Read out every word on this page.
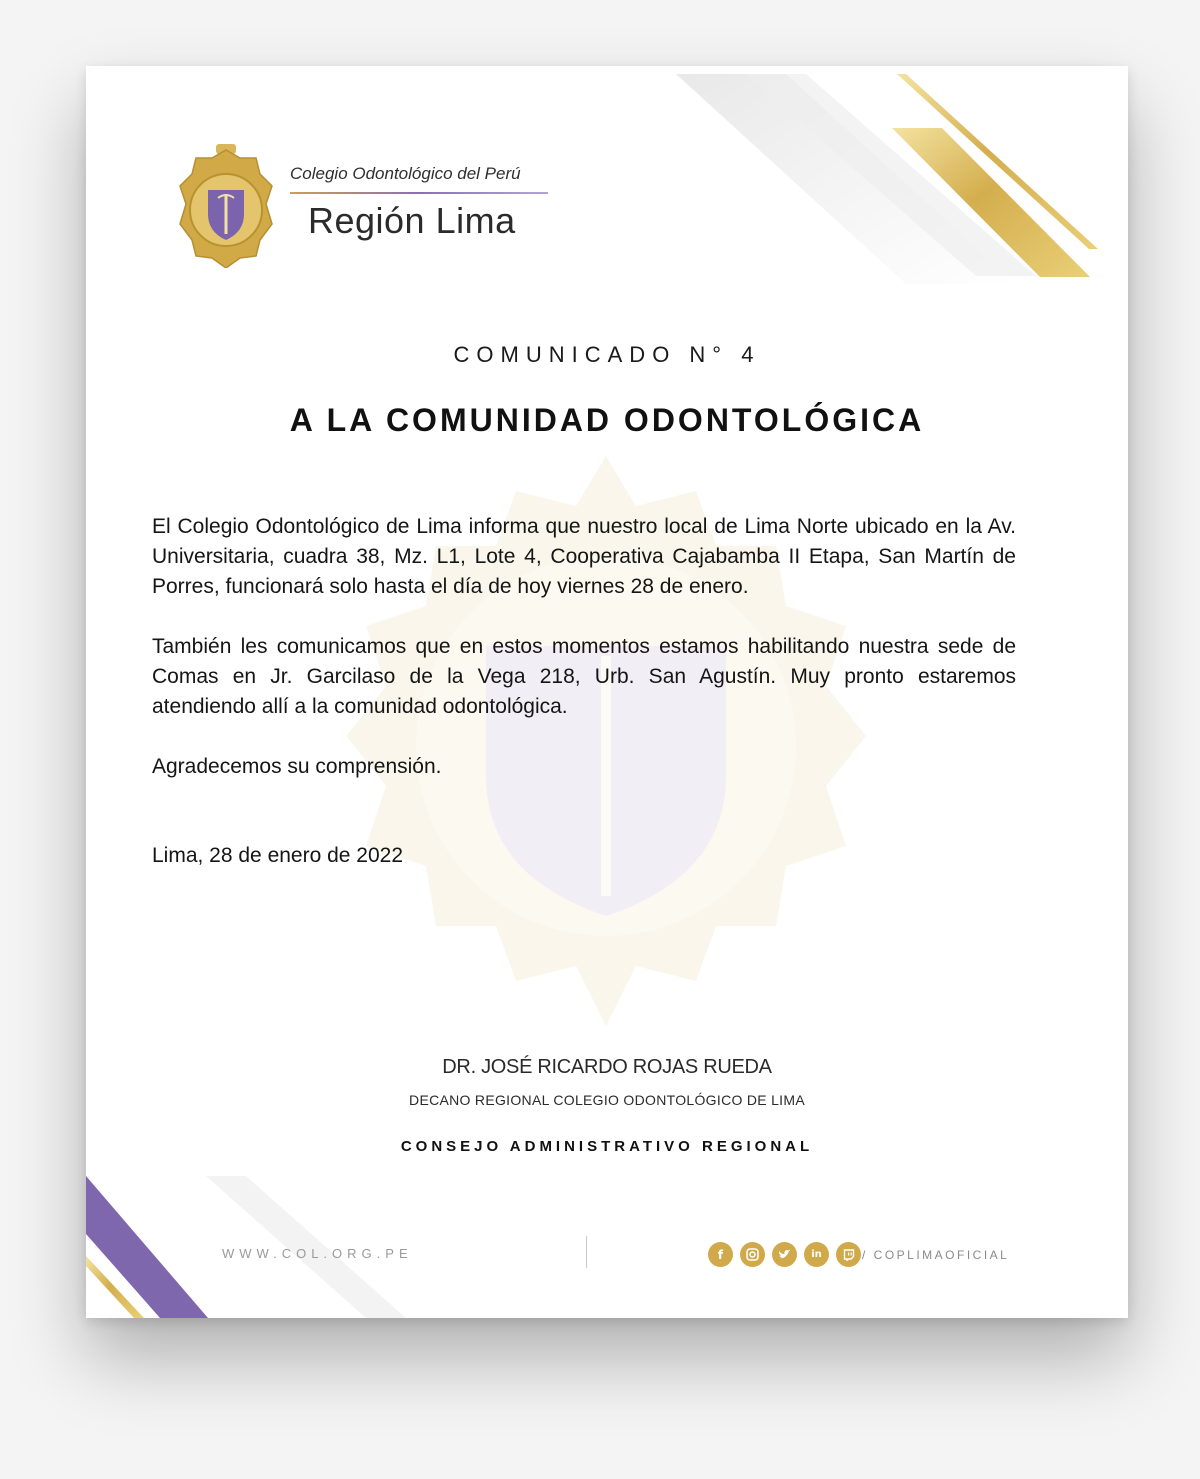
Colegio Odontológico del Perú
Región Lima
COMUNICADO N° 4
A LA COMUNIDAD ODONTOLÓGICA

El Colegio Odontológico de Lima informa que nuestro local de Lima Norte ubicado en la Av. Universitaria, cuadra 38, Mz. L1, Lote 4, Cooperativa Cajabamba II Etapa, San Martín de Porres, funcionará solo hasta el día de hoy viernes 28 de enero.

También les comunicamos que en estos momentos estamos habilitando nuestra sede de Comas en Jr. Garcilaso de la Vega 218, Urb. San Agustín. Muy pronto estaremos atendiendo allí a la comunidad odontológica.

Agradecemos su comprensión.

Lima, 28 de enero de 2022
DR. JOSÉ RICARDO ROJAS RUEDA
DECANO REGIONAL COLEGIO ODONTOLÓGICO DE LIMA
CONSEJO ADMINISTRATIVO REGIONAL
WWW.COL.ORG.PE	f	in	/ COPLIMAOFICIAL
